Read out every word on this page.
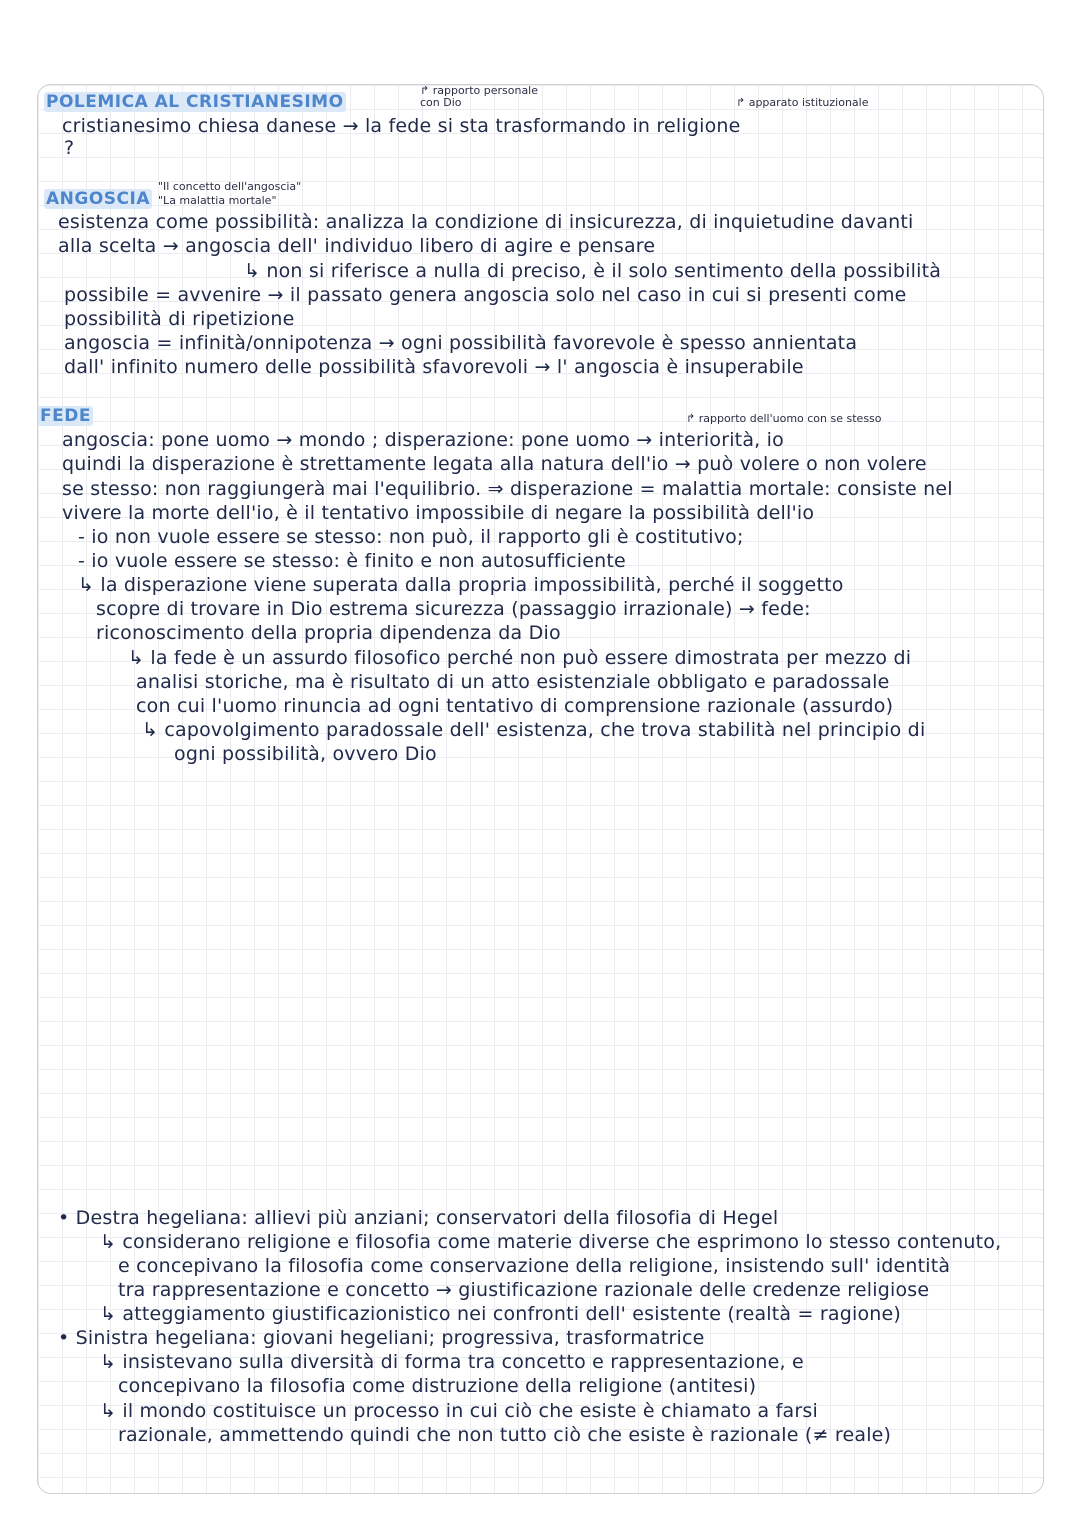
POLEMICA AL CRISTIANESIMO
↱ rapporto personale con Dio	↱ apparato istituzionale
cristianesimo chiesa danese → la fede si sta trasformando in religione
?
ANGOSCIA
"Il concetto dell'angoscia"
"La malattia mortale"
esistenza come possibilità: analizza la condizione di insicurezza, di inquietudine davanti
alla scelta → angoscia dell' individuo libero di agire e pensare
↳ non si riferisce a nulla di preciso, è il solo sentimento della possibilità
possibile = avvenire → il passato genera angoscia solo nel caso in cui si presenti come
possibilità di ripetizione
angoscia = infinità/onnipotenza → ogni possibilità favorevole è spesso annientata
dall' infinito numero delle possibilità sfavorevoli → l' angoscia è insuperabile
FEDE	↱ rapporto dell'uomo con se stesso
angoscia: pone uomo → mondo ; disperazione: pone uomo → interiorità, io
quindi la disperazione è strettamente legata alla natura dell'io → può volere o non volere
se stesso: non raggiungerà mai l'equilibrio. ⇒ disperazione = malattia mortale: consiste nel
vivere la morte dell'io, è il tentativo impossibile di negare la possibilità dell'io
- io non vuole essere se stesso: non può, il rapporto gli è costitutivo;
- io vuole essere se stesso: è finito e non autosufficiente
↳ la disperazione viene superata dalla propria impossibilità, perché il soggetto
scopre di trovare in Dio estrema sicurezza (passaggio irrazionale) → fede:
riconoscimento della propria dipendenza da Dio
↳ la fede è un assurdo filosofico perché non può essere dimostrata per mezzo di
analisi storiche, ma è risultato di un atto esistenziale obbligato e paradossale
con cui l'uomo rinuncia ad ogni tentativo di comprensione razionale (assurdo)
↳ capovolgimento paradossale dell' esistenza, che trova stabilità nel principio di
ogni possibilità, ovvero Dio
• Destra hegeliana: allievi più anziani; conservatori della filosofia di Hegel
↳ considerano religione e filosofia come materie diverse che esprimono lo stesso contenuto,
e concepivano la filosofia come conservazione della religione, insistendo sull' identità
tra rappresentazione e concetto → giustificazione razionale delle credenze religiose
↳ atteggiamento giustificazionistico nei confronti dell' esistente (realtà = ragione)
• Sinistra hegeliana: giovani hegeliani; progressiva, trasformatrice
↳ insistevano sulla diversità di forma tra concetto e rappresentazione, e
concepivano la filosofia come distruzione della religione (antitesi)
↳ il mondo costituisce un processo in cui ciò che esiste è chiamato a farsi
razionale, ammettendo quindi che non tutto ciò che esiste è razionale (≠ reale)
